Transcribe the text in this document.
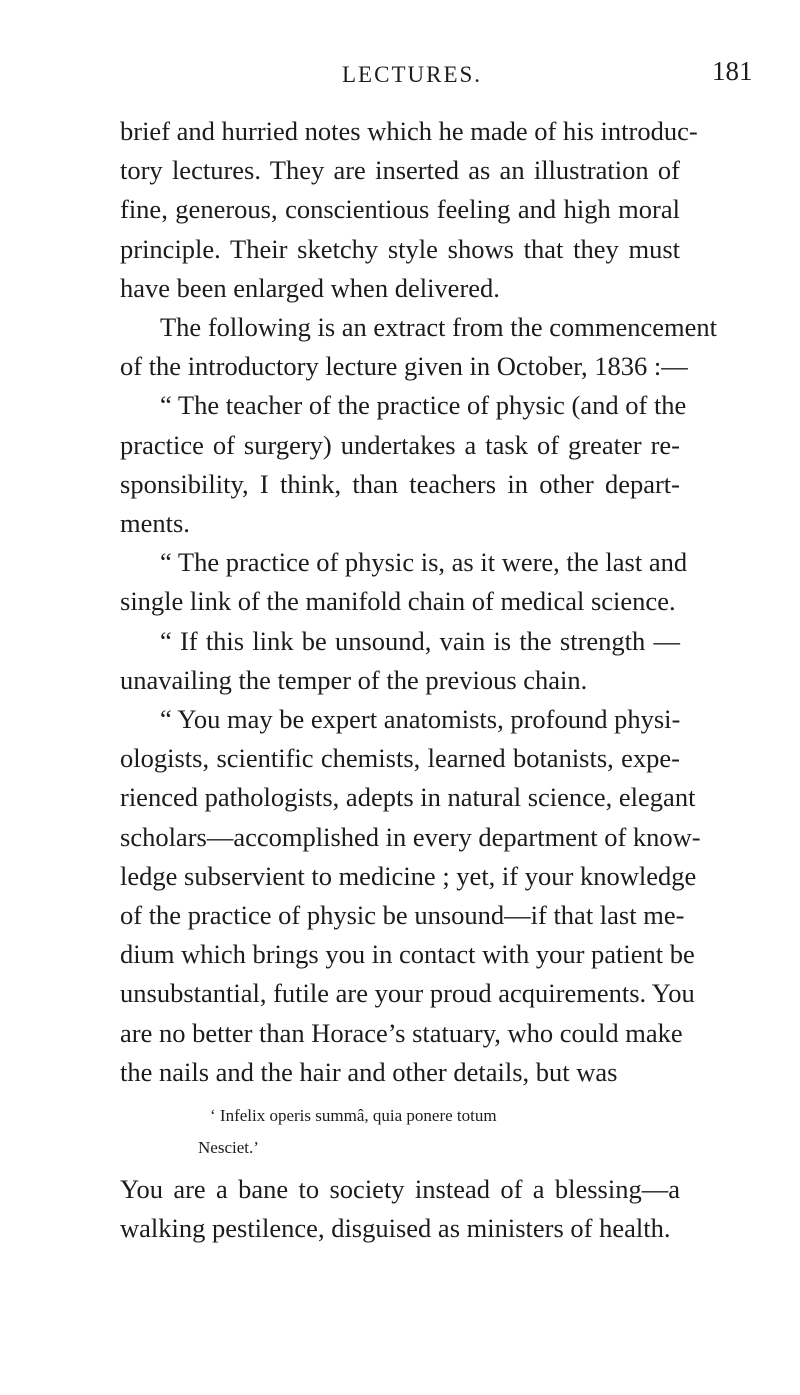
LECTURES.	181
brief and hurried notes which he made of his introduc-
tory lectures. They are inserted as an illustration of
fine, generous, conscientious feeling and high moral
principle. Their sketchy style shows that they must
have been enlarged when delivered.
The following is an extract from the commencement
of the introductory lecture given in October, 1836 :—
“ The teacher of the practice of physic (and of the
practice of surgery) undertakes a task of greater re-
sponsibility, I think, than teachers in other depart-
ments.
“ The practice of physic is, as it were, the last and
single link of the manifold chain of medical science.
“ If this link be unsound, vain is the strength —
unavailing the temper of the previous chain.
“ You may be expert anatomists, profound physi-
ologists, scientific chemists, learned botanists, expe-
rienced pathologists, adepts in natural science, elegant
scholars—accomplished in every department of know-
ledge subservient to medicine ; yet, if your knowledge
of the practice of physic be unsound—if that last me-
dium which brings you in contact with your patient be
unsubstantial, futile are your proud acquirements. You
are no better than Horace’s statuary, who could make
the nails and the hair and other details, but was
‘ Infelix operis summâ, quia ponere totum
Nesciet.’
You are a bane to society instead of a blessing—a
walking pestilence, disguised as ministers of health.
